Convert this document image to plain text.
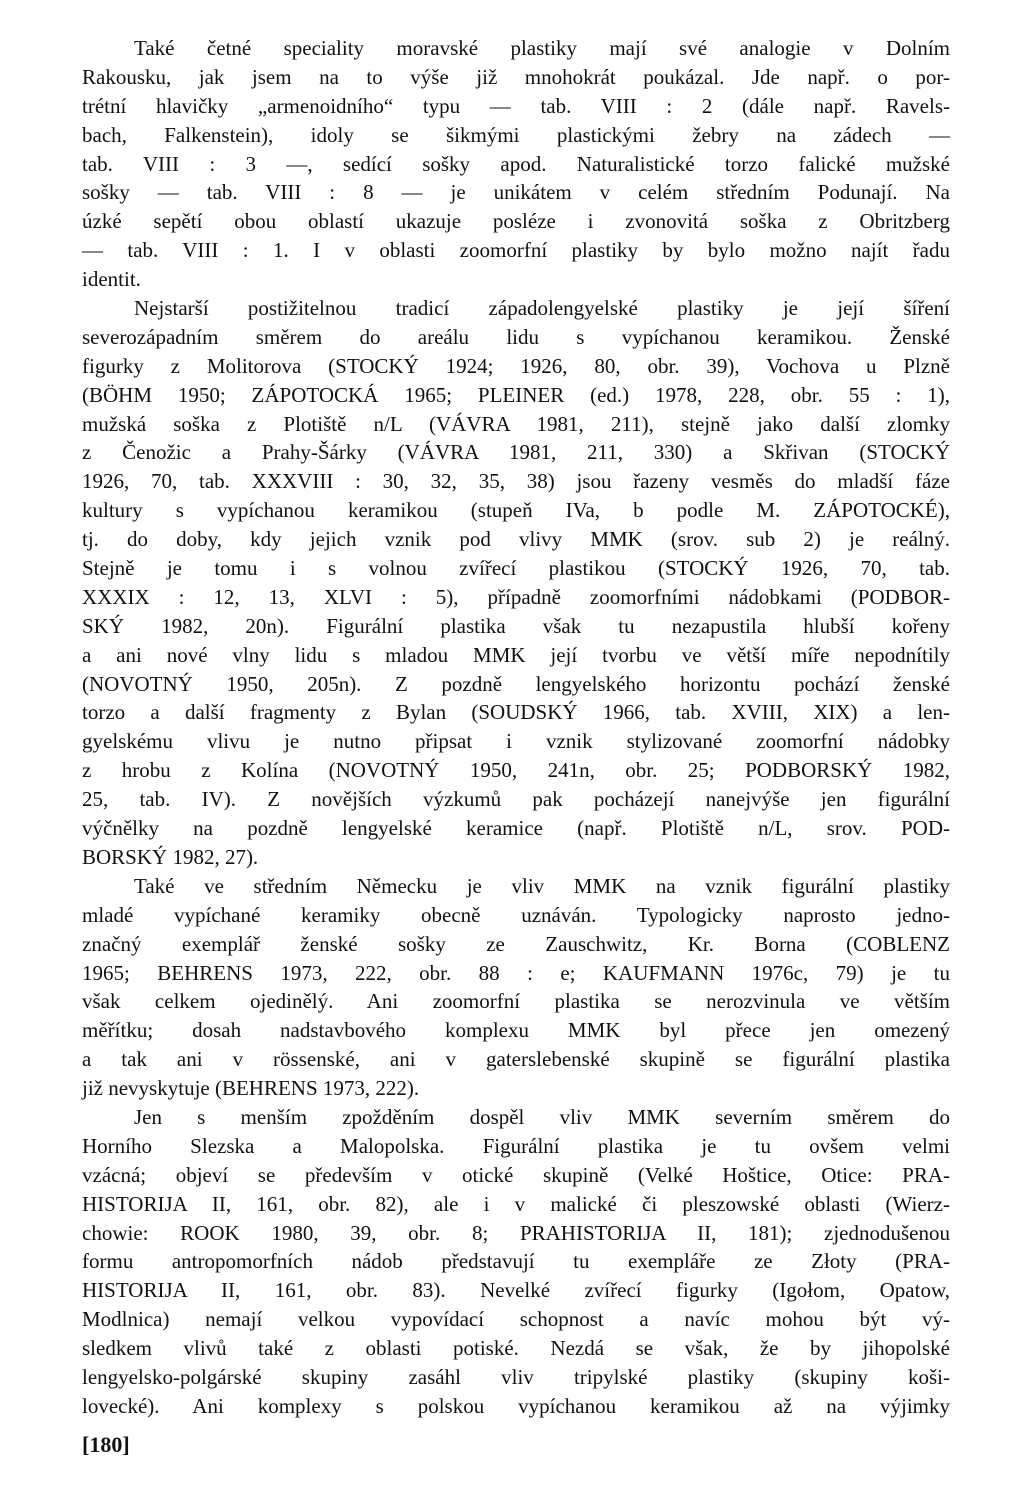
Také četné speciality moravské plastiky mají své analogie v Dolním
Rakousku, jak jsem na to výše již mnohokrát poukázal. Jde např. o por-
trétní hlavičky „armenoidního“ typu — tab. VIII : 2 (dále např. Ravels-
bach, Falkenstein), idoly se šikmými plastickými žebry na zádech —
tab. VIII : 3 —, sedící sošky apod. Naturalistické torzo falické mužské
sošky — tab. VIII : 8 — je unikátem v celém středním Podunají. Na
úzké sepětí obou oblastí ukazuje posléze i zvonovitá soška z Obritzberg
— tab. VIII : 1. I v oblasti zoomorfní plastiky by bylo možno najít řadu
identit.
Nejstarší postižitelnou tradicí západolengyelské plastiky je její šíření
severozápadním směrem do areálu lidu s vypíchanou keramikou. Ženské
figurky z Molitorova (STOCKÝ 1924; 1926, 80, obr. 39), Vochova u Plzně
(BÖHM 1950; ZÁPOTOCKÁ 1965; PLEINER (ed.) 1978, 228, obr. 55 : 1),
mužská soška z Plotiště n/L (VÁVRA 1981, 211), stejně jako další zlomky
z Čenožic a Prahy-Šárky (VÁVRA 1981, 211, 330) a Skřivan (STOCKÝ
1926, 70, tab. XXXVIII : 30, 32, 35, 38) jsou řazeny vesměs do mladší fáze
kultury s vypíchanou keramikou (stupeň IVa, b podle M. ZÁPOTOCKÉ),
tj. do doby, kdy jejich vznik pod vlivy MMK (srov. sub 2) je reálný.
Stejně je tomu i s volnou zvířecí plastikou (STOCKÝ 1926, 70, tab.
XXXIX : 12, 13, XLVI : 5), případně zoomorfními nádobkami (PODBOR-
SKÝ 1982, 20n). Figurální plastika však tu nezapustila hlubší kořeny
a ani nové vlny lidu s mladou MMK její tvorbu ve větší míře nepodnítily
(NOVOTNÝ 1950, 205n). Z pozdně lengyelského horizontu pochází ženské
torzo a další fragmenty z Bylan (SOUDSKÝ 1966, tab. XVIII, XIX) a len-
gyelskému vlivu je nutno připsat i vznik stylizované zoomorfní nádobky
z hrobu z Kolína (NOVOTNÝ 1950, 241n, obr. 25; PODBORSKÝ 1982,
25, tab. IV). Z novějších výzkumů pak pocházejí nanejvýše jen figurální
výčnělky na pozdně lengyelské keramice (např. Plotiště n/L, srov. POD-
BORSKÝ 1982, 27).
Také ve středním Německu je vliv MMK na vznik figurální plastiky
mladé vypíchané keramiky obecně uznáván. Typologicky naprosto jedno-
značný exemplář ženské sošky ze Zauschwitz, Kr. Borna (COBLENZ
1965; BEHRENS 1973, 222, obr. 88 : e; KAUFMANN 1976c, 79) je tu
však celkem ojedinělý. Ani zoomorfní plastika se nerozvinula ve větším
měřítku; dosah nadstavbového komplexu MMK byl přece jen omezený
a tak ani v rössenské, ani v gaterslebenské skupině se figurální plastika
již nevyskytuje (BEHRENS 1973, 222).
Jen s menším zpožděním dospěl vliv MMK severním směrem do
Horního Slezska a Malopolska. Figurální plastika je tu ovšem velmi
vzácná; objeví se především v otické skupině (Velké Hoštice, Otice: PRA-
HISTORIJA II, 161, obr. 82), ale i v malické či pleszowské oblasti (Wierz-
chowie: ROOK 1980, 39, obr. 8; PRAHISTORIJA II, 181); zjednodušenou
formu antropomorfních nádob představují tu exempláře ze Złoty (PRA-
HISTORIJA II, 161, obr. 83). Nevelké zvířecí figurky (Igołom, Opatow,
Modlnica) nemají velkou vypovídací schopnost a navíc mohou být vý-
sledkem vlivů také z oblasti potiské. Nezdá se však, že by jihopolské
lengyelsko-polgárské skupiny zasáhl vliv tripylské plastiky (skupiny koši-
lovecké). Ani komplexy s polskou vypíchanou keramikou až na výjimky
[180]
